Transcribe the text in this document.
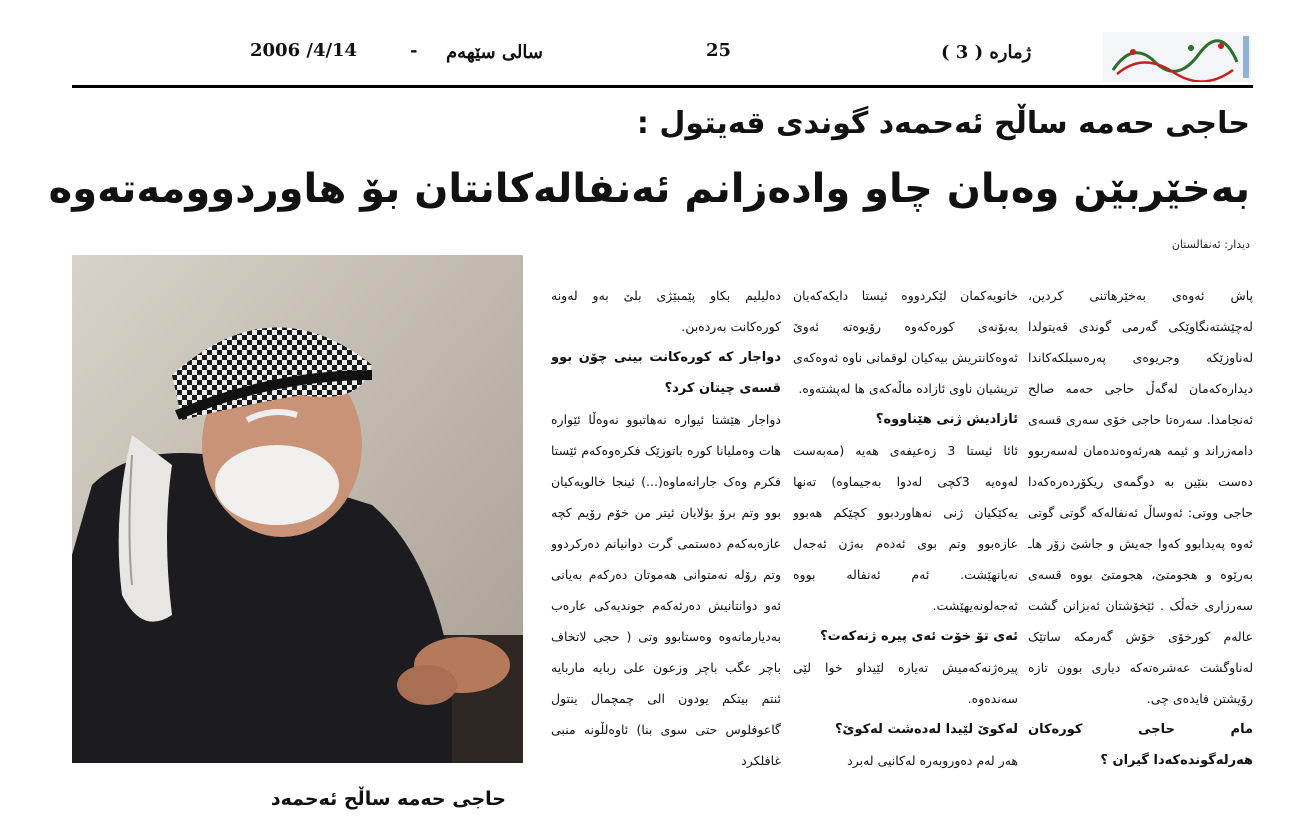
ژماره ( 3 )
25
سالی سێهەم
-
2006 /4/14
حاجی حەمە ساڵح ئەحمەد گوندی قەیتول :
بەخێربێن وەبان چاو وادەزانم ئەنفالەکانتان بۆ هاوردوومەتەوە
دیدار: ئەنفالستان
حاجی حەمە ساڵح ئەحمەد

پاش ئەوەی بەخێرهاتنی کردین، لەچێشتەنگاوێکی گەرمی گوندی قەیتولدا لەناوزێکە وجریوەی پەرەسیلکەکاندا دیدارەکەمان لەگەڵ حاجی حەمە صالح ئەنجامدا. سەرەتا حاجی خۆی سەری قسەی دامەزراند و ئیمە هەرئەوەندەمان لەسەربوو دەست بنێین بە دوگمەی ریکۆردەرەکەدا حاجی ووتی: ئەوساڵ ئەنفالەکە گوتی گوتی ئەوە پەیدابوو کەوا جەیش و جاشێ زۆر هاـ بەرێوە و هجومتێ، هجومتێ بووە قسەی سەرزاری خەڵک . ئێخۆشتان ئەبزانن گشت عالەم کورخۆی خۆش گەرمکە ساتێک لەناوگشت عەشرەتەکە دیاری بوون تازە رۆیشتن فایدەی چی.

مام حاجی کورەکان هەرلەگوندەکەدا گیران ؟

خانویەکمان لێکردووە ئیستا دایکەکەیان بەبۆنەی کورەکەوە رۆیوەتە ئەوێ ئەوەکانتریش بیەکیان لوقمانی ناوە ئەوەکەی تریشیان ناوی ئازادە ماڵەکەی ها لەپشتەوە.

ئازادیش ژنی هێناووە؟

ئائا ئیستا 3 زەعیفەی هەیە (مەبەست لەوەیە 3کچی لەدوا بەجیماوە) تەنها یەکێکیان ژنی نەهاوردبوو کچێکم هەبوو عازەبوو وتم بوی ئەدەم بەژن ئەجەل نەیانهێشت. ئەم ئەنفالە بووە ئەجەلونەیهێشت.

ئەی تۆ خۆت ئەی پیرە ژنەکەت؟

پیرەژنەکەمیش تەیارە لێیداو خوا لێی سەندەوە.

لەکوێ لێیدا لەدەشت لەکوێ؟

هەر لەم دەوروبەرە لەکانیی لەبرد

دەلیلیم بکاو پێمبێژی بلێ بەو لەونە کورەکانت بەردەبن.

دواجار کە کورەکانت بینی چۆن بوو قسەی چیتان کرد؟

دواجار هێشتا ئیوارە نەهاتبوو نەوەڵا ئێوارە هات وەملیانا کورە باتوزێک فکرەوەکەم ئێستا فکرم وەک جارانەماوە(...) ئینجا خالویەکیان بوو وتم برۆ بۆلایان ئیتر من خۆم رۆیم کچە عازەبەکەم دەستمی گرت دوانیانم دەرکردوو وتم رۆلە نەمتوانی هەموتان دەرکەم بەیانی ئەو دوانتانیش دەرئەکەم جوندیەکی عارەب بەدیارمانەوە وەستابوو وتی ( حجی لاتخاف باچر عگب باچر وزعون علی ربایە ماربایە ئنتم بیتکم یودون الی چمچمال ینتول گاعوفلوس حتی سوی بنا) ئاوەلڵونە منبی غافلکرد
